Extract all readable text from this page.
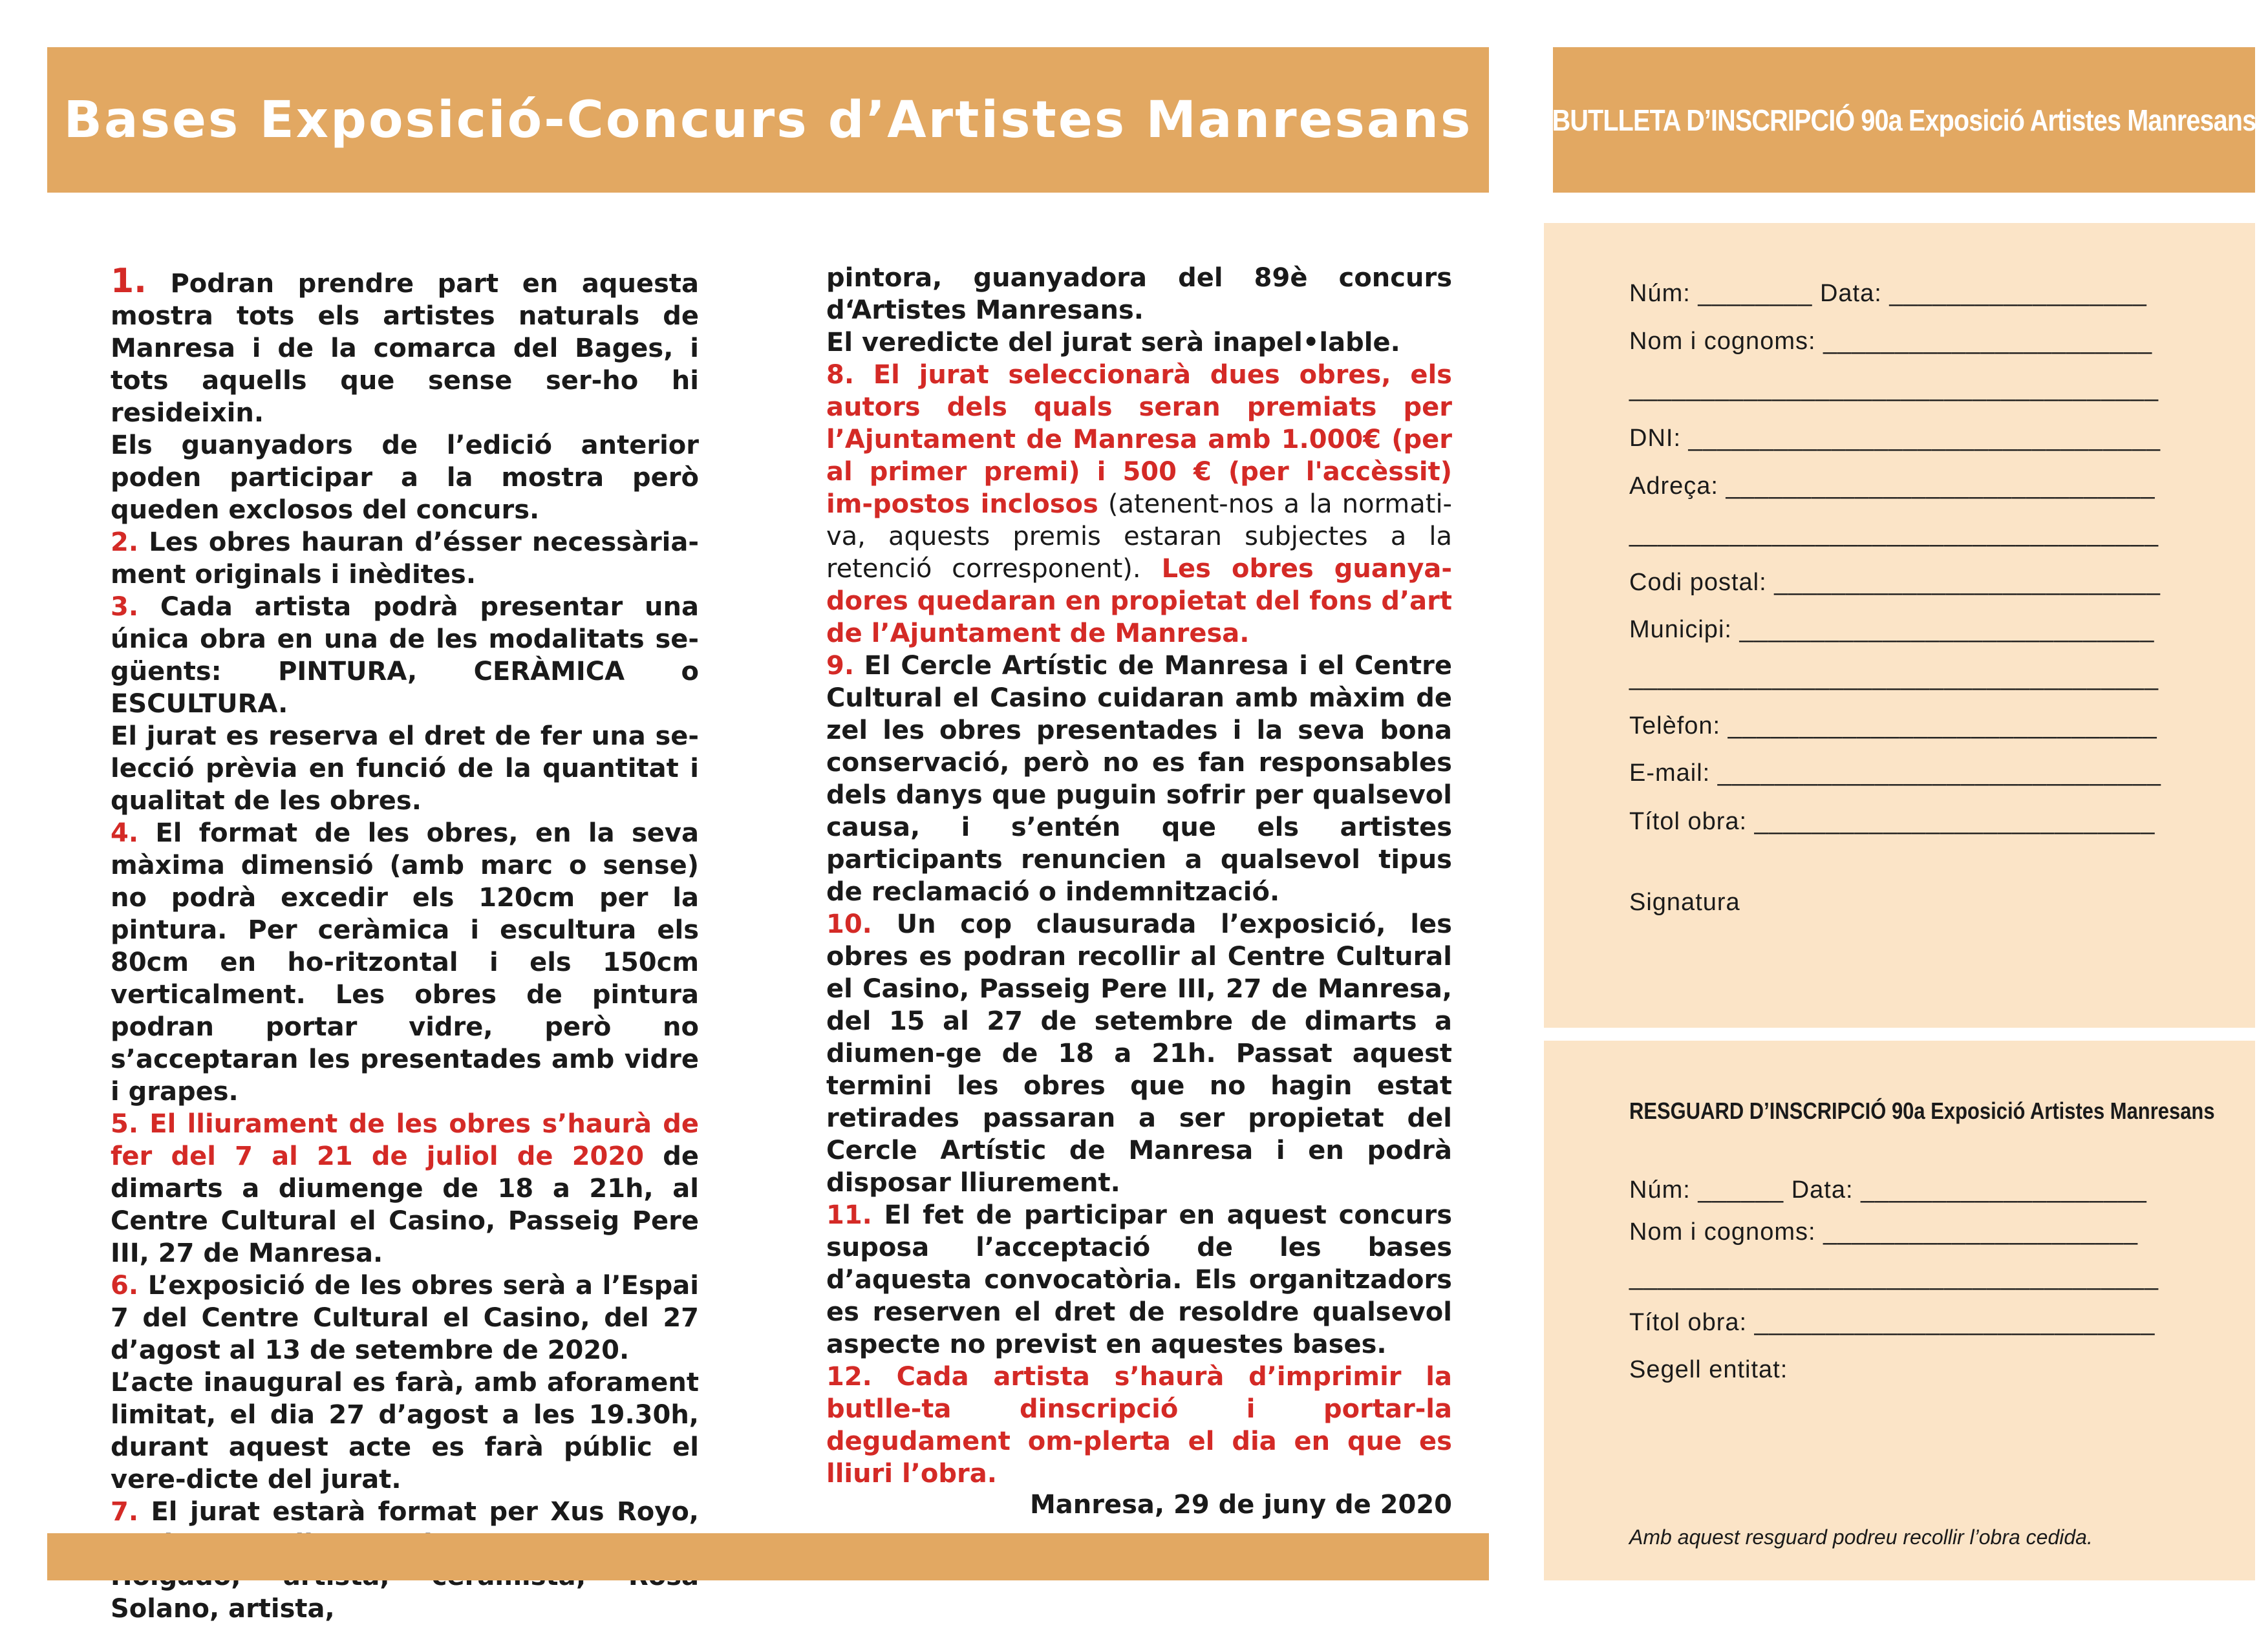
Bases Exposició-Concurs d’Artistes Manresans	BUTLLETA D’INSCRIPCIÓ 90a Exposició Artistes Manresans

1. Podran prendre part en aquesta mostra tots els artistes naturals de Manresa i de la comarca del Bages, i tots aquells que sense ser-ho hi resideixin.

Els guanyadors de l’edició anterior poden participar a la mostra però queden exclosos del concurs.

2. Les obres hauran d’ésser necessària-ment originals i inèdites.

3. Cada artista podrà presentar una única obra en una de les modalitats se-güents: PINTURA, CERÀMICA o ESCULTURA.

El jurat es reserva el dret de fer una se-lecció prèvia en funció de la quantitat i qualitat de les obres.

4. El format de les obres, en la seva màxima dimensió (amb marc o sense) no podrà excedir els 120cm per la pintura. Per ceràmica i escultura els 80cm en ho-ritzontal i els 150cm verticalment. Les obres de pintura podran portar vidre, però no s’acceptaran les presentades amb vidre i grapes.

5. El lliurament de les obres s’haurà de fer del 7 al 21 de juliol de 2020 de dimarts a diumenge de 18 a 21h, al Centre Cultural el Casino, Passeig Pere III, 27 de Manresa.

6. L’exposició de les obres serà a l’Espai 7 del Centre Cultural el Casino, del 27 d’agost al 13 de setembre de 2020.

L’acte inaugural es farà, amb aforament limitat, el dia 27 d’agost a les 19.30h, durant aquest acte es farà públic el vere-dicte del jurat.

7. El jurat estarà format per Xus Royo, Solano, artista,

pintora, guanyadora del 89è concurs d‘Artistes Manresans.

El veredicte del jurat serà inapel•lable.

8. El jurat seleccionarà dues obres, els autors dels quals seran premiats per l’Ajuntament de Manresa amb 1.000€ (per al primer premi) i 500 € (per l'accèssit) im-postos inclosos (atenent-nos a la normati-va, aquests premis estaran subjectes a la retenció corresponent). Les obres guanya-dores quedaran en propietat del fons d’art de l’Ajuntament de Manresa.

9. El Cercle Artístic de Manresa i el Centre Cultural el Casino cuidaran amb màxim de zel les obres presentades i la seva bona conservació, però no es fan responsables dels danys que puguin sofrir per qualsevol causa, i s’entén que els artistes participants renuncien a qualsevol tipus de reclamació o indemnització.

10. Un cop clausurada l’exposició, les obres es podran recollir al Centre Cultural el Casino, Passeig Pere III, 27 de Manresa, del 15 al 27 de setembre de dimarts a diumen-ge de 18 a 21h. Passat aquest termini les obres que no hagin estat retirades passaran a ser propietat del Cercle Artístic de Manresa i en podrà disposar lliurement.

11. El fet de participar en aquest concurs suposa l’acceptació de les bases d’aquesta convocatòria. Els organitzadors es reserven el dret de resoldre qualsevol aspecte no previst en aquestes bases.

12. Cada artista s’haurà d’imprimir la butlle-ta dinscripció i portar-la degudament om-plerta el dia en que es lliuri l’obra.

Manresa, 29 de juny de 2020
Núm: ________ Data: __________________
Nom i cognoms: _______________________
_____________________________________
DNI: _________________________________
Adreça: ______________________________
_____________________________________
Codi postal: ___________________________
Municipi: _____________________________
_____________________________________
Telèfon: ______________________________
E-mail: _______________________________
Títol obra: ____________________________
Signatura
RESGUARD D’INSCRIPCIÓ 90a Exposició Artistes Manresans
Núm: ______ Data: ____________________
Nom i cognoms: ______________________
_____________________________________
Títol obra: ____________________________
Segell entitat:
Amb aquest resguard podreu recollir l’obra cedida.
